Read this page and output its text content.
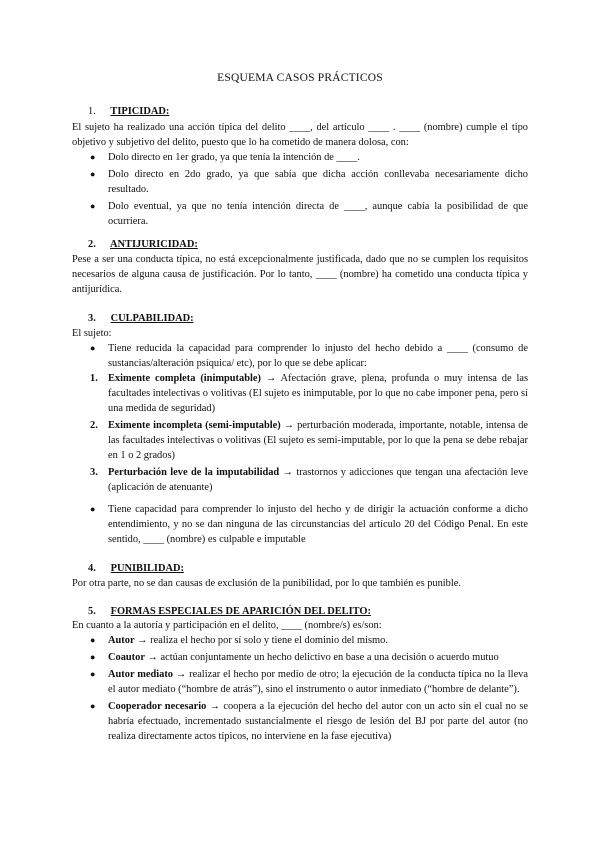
ESQUEMA CASOS PRÁCTICOS
1. TIPICIDAD:
El sujeto ha realizado una acción típica del delito ____, del artículo ____ . ____ (nombre) cumple el tipo objetivo y subjetivo del delito, puesto que lo ha cometido de manera dolosa, con:
● Dolo directo en 1er grado, ya que tenía la intención de ____.
● Dolo directo en 2do grado, ya que sabía que dicha acción conllevaba necesariamente dicho resultado.
● Dolo eventual, ya que no tenía intención directa de ____, aunque cabía la posibilidad de que ocurriera.
2. ANTIJURICIDAD:
Pese a ser una conducta típica, no está excepcionalmente justificada, dado que no se cumplen los requisitos necesarios de alguna causa de justificación. Por lo tanto, ____ (nombre) ha cometido una conducta típica y antijurídica.
3. CULPABILIDAD:
El sujeto:
● Tiene reducida la capacidad para comprender lo injusto del hecho debido a ____ (consumo de sustancias/alteración psíquica/ etc), por lo que se debe aplicar:
1. Eximente completa (inimputable) → Afectación grave, plena, profunda o muy intensa de las facultades intelectivas o volitivas (El sujeto es inimputable, por lo que no cabe imponer pena, pero sí una medida de seguridad)
2. Eximente incompleta (semi-imputable) → perturbación moderada, importante, notable, intensa de las facultades intelectivas o volitivas (El sujeto es semi-imputable, por lo que la pena se debe rebajar en 1 o 2 grados)
3. Perturbación leve de la imputabilidad → trastornos y adicciones que tengan una afectación leve (aplicación de atenuante)
● Tiene capacidad para comprender lo injusto del hecho y de dirigir la actuación conforme a dicho entendimiento, y no se dan ninguna de las circunstancias del artículo 20 del Código Penal. En este sentido, ____ (nombre) es culpable e imputable
4. PUNIBILIDAD:
Por otra parte, no se dan causas de exclusión de la punibilidad, por lo que también es punible.
5. FORMAS ESPECIALES DE APARICIÓN DEL DELITO:
En cuanto a la autoría y participación en el delito, ____ (nombre/s) es/son:
● Autor → realiza el hecho por sí solo y tiene el dominio del mismo.
● Coautor → actúan conjuntamente un hecho delictivo en base a una decisión o acuerdo mutuo
● Autor mediato → realizar el hecho por medio de otro; la ejecución de la conducta típica no la lleva el autor mediato (“hombre de atrás”), sino el instrumento o autor inmediato (“hombre de delante”).
● Cooperador necesario → coopera a la ejecución del hecho del autor con un acto sin el cual no se habría efectuado, incrementado sustancialmente el riesgo de lesión del BJ por parte del autor (no realiza directamente actos típicos, no interviene en la fase ejecutiva)
